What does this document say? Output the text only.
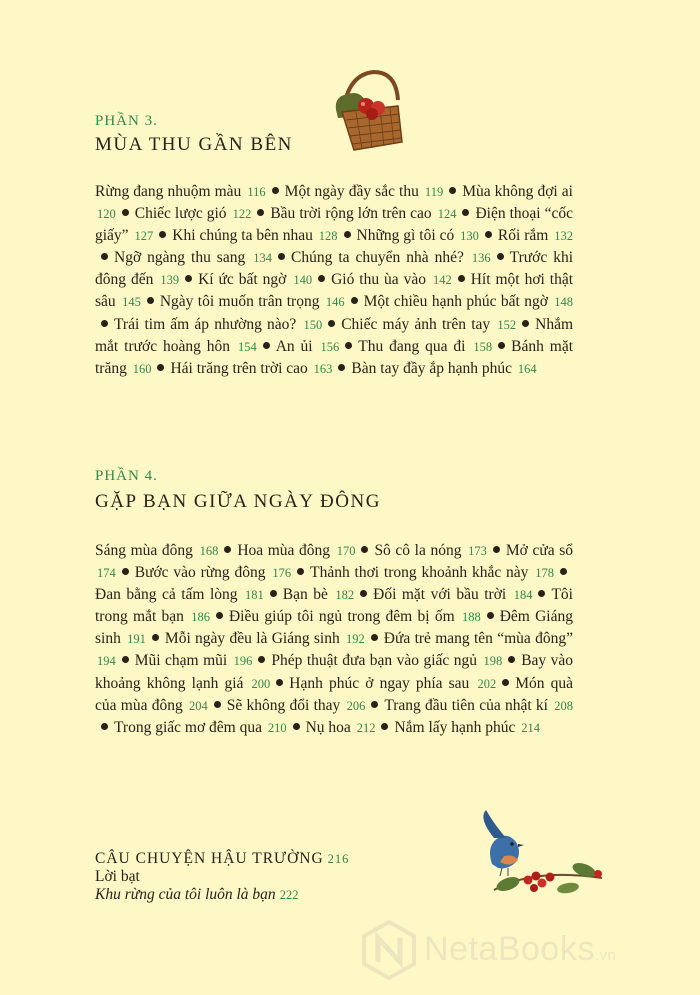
PHẦN 3.
MÙA THU GẦN BÊN
Rừng đang nhuộm màu 116 Một ngày đầy sắc thu 119 Mùa không đợi ai 120 Chiếc lược gió 122 Bầu trời rộng lớn trên cao 124 Điện thoại “cốc giấy” 127 Khi chúng ta bên nhau 128 Những gì tôi có 130 Rối rắm 132Ngỡ ngàng thu sang 134 Chúng ta chuyển nhà nhé? 136 Trước khi đông đến 139 Kí ức bất ngờ 140 Gió thu ùa vào 142 Hít một hơi thật sâu 145 Ngày tôi muốn trân trọng 146 Một chiều hạnh phúc bất ngờ 148Trái tim ấm áp nhường nào? 150 Chiếc máy ảnh trên tay 152 Nhắm mắt trước hoàng hôn 154 An ủi 156 Thu đang qua đi 158 Bánh mặt trăng 160 Hái trăng trên trời cao 163 Bàn tay đầy ắp hạnh phúc 164
PHẦN 4.
GẶP BẠN GIỮA NGÀY ĐÔNG
Sáng mùa đông 168 Hoa mùa đông 170 Sô cô la nóng 173 Mở cửa sổ 174 Bước vào rừng đông 176 Thảnh thơi trong khoảnh khắc này 178Đan bằng cả tấm lòng 181 Bạn bè 182 Đối mặt với bầu trời 184 Tôi trong mắt bạn 186 Điều giúp tôi ngủ trong đêm bị ốm 188 Đêm Giáng sinh 191 Mỗi ngày đều là Giáng sinh 192 Đứa trẻ mang tên “mùa đông” 194 Mũi chạm mũi 196 Phép thuật đưa bạn vào giấc ngủ 198 Bay vào khoảng không lạnh giá 200 Hạnh phúc ở ngay phía sau 202 Món quà của mùa đông 204 Sẽ không đổi thay 206 Trang đầu tiên của nhật kí 208Trong giấc mơ đêm qua 210 Nụ hoa 212 Nắm lấy hạnh phúc 214
CÂU CHUYỆN HẬU TRƯỜNG 216
Lời bạt
Khu rừng của tôi luôn là bạn 222
NetaBooks.vn
